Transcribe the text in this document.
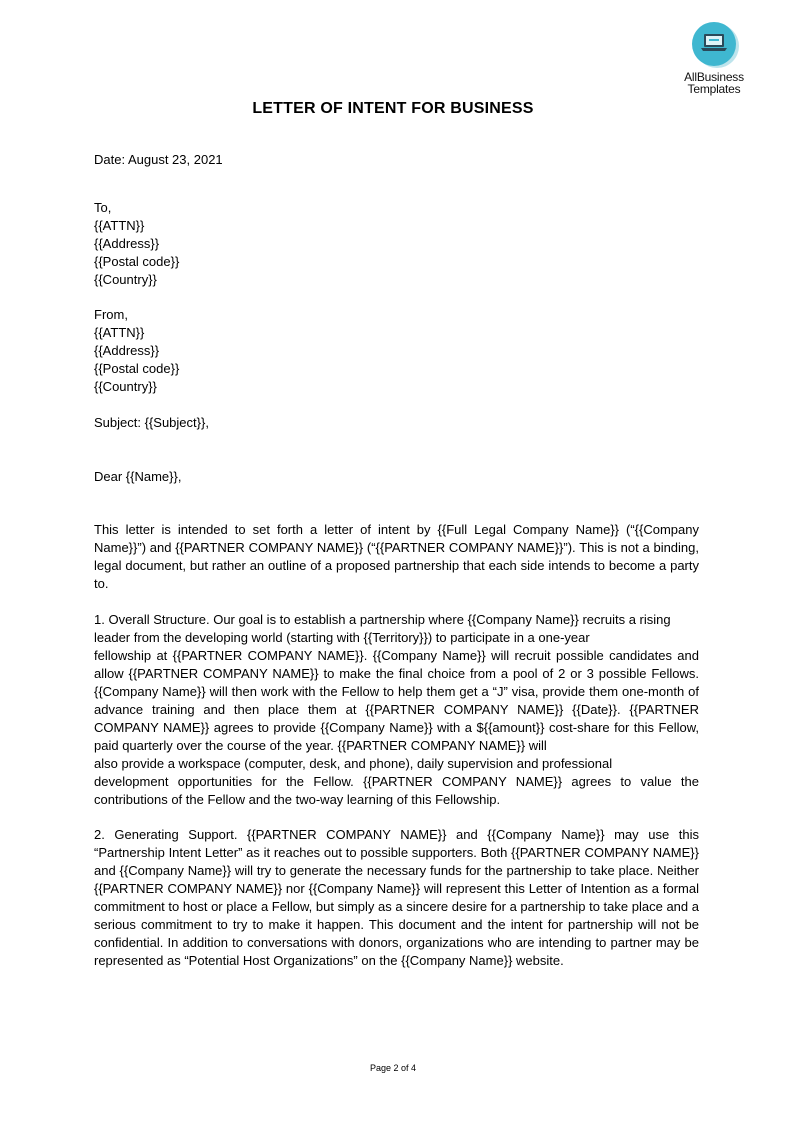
AllBusiness
Templates
LETTER OF INTENT FOR BUSINESS
Date: August 23, 2021
To,
{{ATTN}}
{{Address}}
{{Postal code}}
{{Country}}
From,
{{ATTN}}
{{Address}}
{{Postal code}}
{{Country}}
Subject: {{Subject}},
Dear {{Name}},
This letter is intended to set forth a letter of intent by {{Full Legal Company Name}} (“{{Company Name}}”) and {{PARTNER COMPANY NAME}} (“{{PARTNER COMPANY NAME}}”). This is not a binding, legal document, but rather an outline of a proposed partnership that each side intends to become a party to.
1. Overall Structure. Our goal is to establish a partnership where {{Company Name}} recruits a rising
leader from the developing world (starting with {{Territory}}) to participate in a one-year
fellowship at {{PARTNER COMPANY NAME}}. {{Company Name}} will recruit possible candidates and allow {{PARTNER COMPANY NAME}} to make the final choice from a pool of 2 or 3 possible Fellows. {{Company Name}} will then work with the Fellow to help them get a “J” visa, provide them one-month of advance training and then place them at {{PARTNER COMPANY NAME}} {{Date}}. {{PARTNER COMPANY NAME}} agrees to provide {{Company Name}} with a ${{amount}} cost-share for this Fellow, paid quarterly over the course of the year. {{PARTNER COMPANY NAME}} will
also provide a workspace (computer, desk, and phone), daily supervision and professional
development opportunities for the Fellow. {{PARTNER COMPANY NAME}} agrees to value the contributions of the Fellow and the two-way learning of this Fellowship.
2. Generating Support. {{PARTNER COMPANY NAME}} and {{Company Name}} may use this “Partnership Intent Letter” as it reaches out to possible supporters. Both {{PARTNER COMPANY NAME}} and {{Company Name}} will try to generate the necessary funds for the partnership to take place. Neither {{PARTNER COMPANY NAME}} nor {{Company Name}} will represent this Letter of Intention as a formal commitment to host or place a Fellow, but simply as a sincere desire for a partnership to take place and a serious commitment to try to make it happen. This document and the intent for partnership will not be confidential. In addition to conversations with donors, organizations who are intending to partner may be represented as “Potential Host Organizations” on the {{Company Name}} website.
Page 2 of 4
